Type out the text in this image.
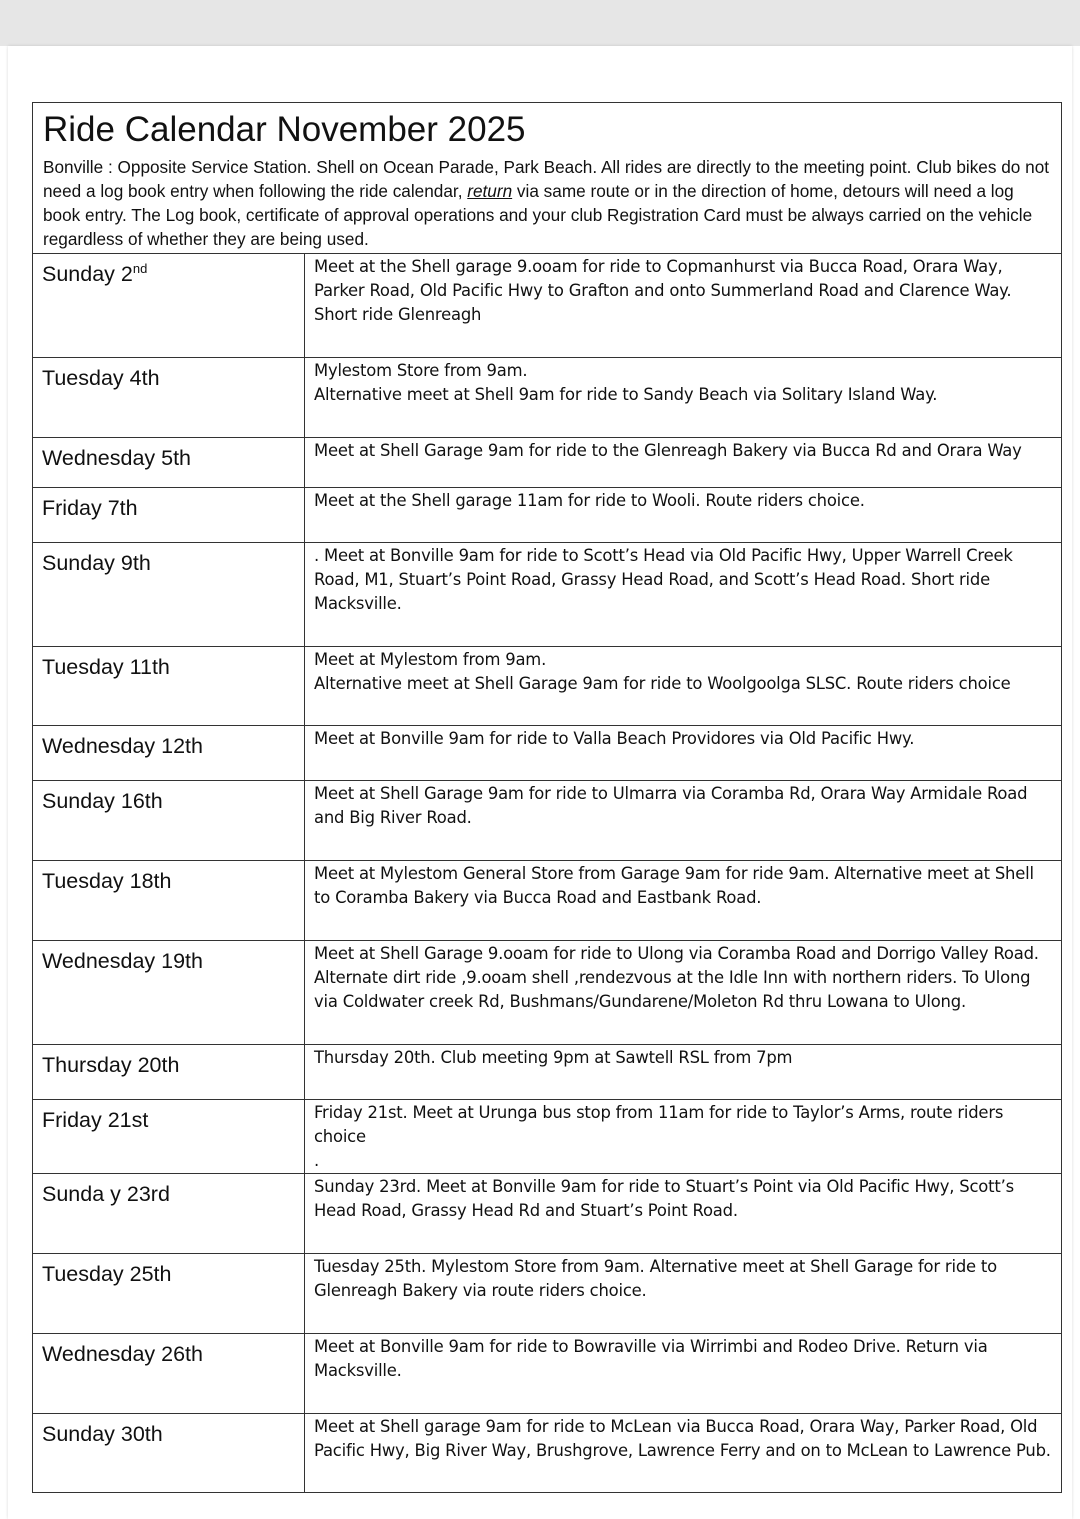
Ride Calendar November 2025

Bonville : Opposite Service Station. Shell on Ocean Parade, Park Beach. All rides are directly to the meeting point. Club bikes do not need a log book entry when following the ride calendar, return via same route or in the direction of home, detours will need a log book entry. The Log book, certificate of approval operations and your club Registration Card must be always carried on the vehicle regardless of whether they are being used.

Sunday 2nd	Meet at the Shell garage 9.ooam for ride to Copmanhurst via Bucca Road, Orara Way, Parker Road, Old Pacific Hwy to Grafton and onto Summerland Road and Clarence Way. Short ride Glenreagh
Tuesday 4th	Mylestom Store from 9am.
Alternative meet at Shell 9am for ride to Sandy Beach via Solitary Island Way.
Wednesday 5th	Meet at Shell Garage 9am for ride to the Glenreagh Bakery via Bucca Rd and Orara Way
Friday 7th	Meet at the Shell garage 11am for ride to Wooli. Route riders choice.
Sunday 9th	. Meet at Bonville 9am for ride to Scott’s Head via Old Pacific Hwy, Upper Warrell Creek Road, M1, Stuart’s Point Road, Grassy Head Road, and Scott’s Head Road. Short ride Macksville.
Tuesday 11th	Meet at Mylestom from 9am.
Alternative meet at Shell Garage 9am for ride to Woolgoolga SLSC. Route riders choice
Wednesday 12th	Meet at Bonville 9am for ride to Valla Beach Providores via Old Pacific Hwy.
Sunday 16th	Meet at Shell Garage 9am for ride to Ulmarra via Coramba Rd, Orara Way Armidale Road and Big River Road.
Tuesday 18th	Meet at Mylestom General Store from Garage 9am for ride 9am. Alternative meet at Shell to Coramba Bakery via Bucca Road and Eastbank Road.
Wednesday 19th	Meet at Shell Garage 9.ooam for ride to Ulong via Coramba Road and Dorrigo Valley Road.
Alternate dirt ride ,9.ooam shell ,rendezvous at the Idle Inn with northern riders. To Ulong via Coldwater creek Rd, Bushmans/Gundarene/Moleton Rd thru Lowana to Ulong.
Thursday 20th	Thursday 20th. Club meeting 9pm at Sawtell RSL from 7pm
Friday 21st	Friday 21st. Meet at Urunga bus stop from 11am for ride to Taylor’s Arms, route riders choice
.
Sunda y 23rd	Sunday 23rd. Meet at Bonville 9am for ride to Stuart’s Point via Old Pacific Hwy, Scott’s Head Road, Grassy Head Rd and Stuart’s Point Road.
Tuesday 25th	Tuesday 25th. Mylestom Store from 9am. Alternative meet at Shell Garage for ride to Glenreagh Bakery via route riders choice.
Wednesday 26th	Meet at Bonville 9am for ride to Bowraville via Wirrimbi and Rodeo Drive. Return via Macksville.
Sunday 30th	Meet at Shell garage 9am for ride to McLean via Bucca Road, Orara Way, Parker Road, Old Pacific Hwy, Big River Way, Brushgrove, Lawrence Ferry and on to McLean to Lawrence Pub.
